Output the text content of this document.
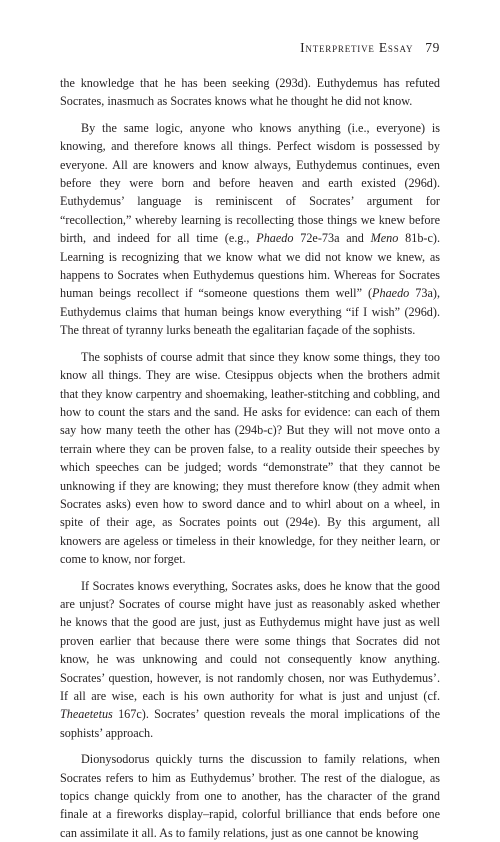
Interpretive Essay 79

the knowledge that he has been seeking (293d). Euthydemus has refuted Socrates, inasmuch as Socrates knows what he thought he did not know.

By the same logic, anyone who knows anything (i.e., everyone) is knowing, and therefore knows all things. Perfect wisdom is possessed by everyone. All are knowers and know always, Euthydemus continues, even before they were born and before heaven and earth existed (296d). Euthydemus’ language is reminiscent of Socrates’ argument for “recollection,” whereby learning is recollecting those things we knew before birth, and indeed for all time (e.g., Phaedo 72e-73a and Meno 81b-c). Learning is recognizing that we know what we did not know we knew, as happens to Socrates when Euthydemus questions him. Whereas for Socrates human beings recollect if “someone questions them well” (Phaedo 73a), Euthydemus claims that human beings know everything “if I wish” (296d). The threat of tyranny lurks beneath the egalitarian façade of the sophists.

The sophists of course admit that since they know some things, they too know all things. They are wise. Ctesippus objects when the brothers admit that they know carpentry and shoemaking, leather-stitching and cobbling, and how to count the stars and the sand. He asks for evidence: can each of them say how many teeth the other has (294b-c)? But they will not move onto a terrain where they can be proven false, to a reality outside their speeches by which speeches can be judged; words “demonstrate” that they cannot be unknowing if they are knowing; they must therefore know (they admit when Socrates asks) even how to sword dance and to whirl about on a wheel, in spite of their age, as Socrates points out (294e). By this argument, all knowers are ageless or timeless in their knowledge, for they neither learn, or come to know, nor forget.

If Socrates knows everything, Socrates asks, does he know that the good are unjust? Socrates of course might have just as reasonably asked whether he knows that the good are just, just as Euthydemus might have just as well proven earlier that because there were some things that Socrates did not know, he was unknowing and could not consequently know anything. Socrates’ question, however, is not randomly chosen, nor was Euthydemus’. If all are wise, each is his own authority for what is just and unjust (cf. Theaetetus 167c). Socrates’ question reveals the moral implications of the sophists’ approach.

Dionysodorus quickly turns the discussion to family relations, when Socrates refers to him as Euthydemus’ brother. The rest of the dialogue, as topics change quickly from one to another, has the character of the grand finale at a fireworks display–rapid, colorful brilliance that ends before one can assimilate it all. As to family relations, just as one cannot be knowing
